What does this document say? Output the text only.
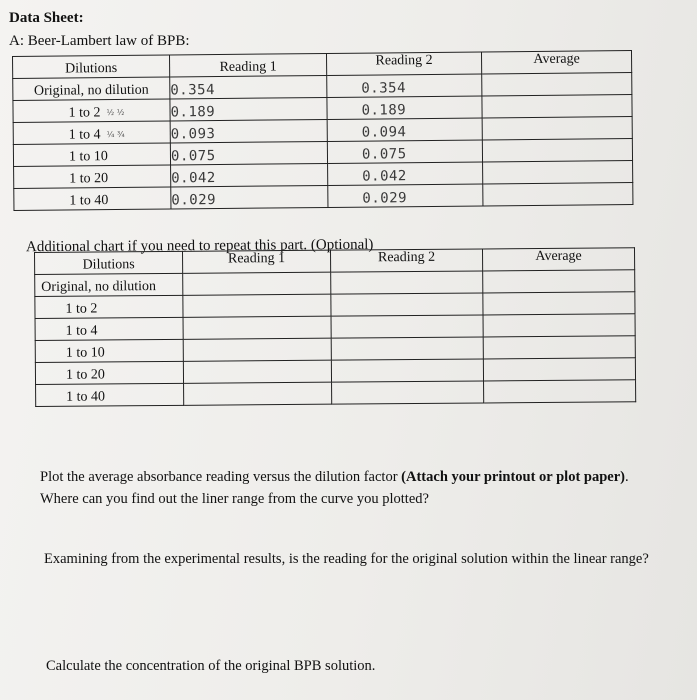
Data Sheet:
A: Beer-Lambert law of BPB:
Dilutions	Reading 1	Reading 2	Average
Original, no dilution	0.354	0.354	
1 to 2 ½ ½	0.189	0.189	
1 to 4 ¼ ¾	0.093	0.094	
1 to 10	0.075	0.075	
1 to 20	0.042	0.042	
1 to 40	0.029	0.029	
Additional chart if you need to repeat this part. (Optional)
Dilutions	Reading 1	Reading 2	Average
Original, no dilution			
1 to 2			
1 to 4			
1 to 10			
1 to 20			
1 to 40			
Plot the average absorbance reading versus the dilution factor (Attach your printout or plot paper). Where can you find out the liner range from the curve you plotted?
Examining from the experimental results, is the reading for the original solution within the linear range?
Calculate the concentration of the original BPB solution.
